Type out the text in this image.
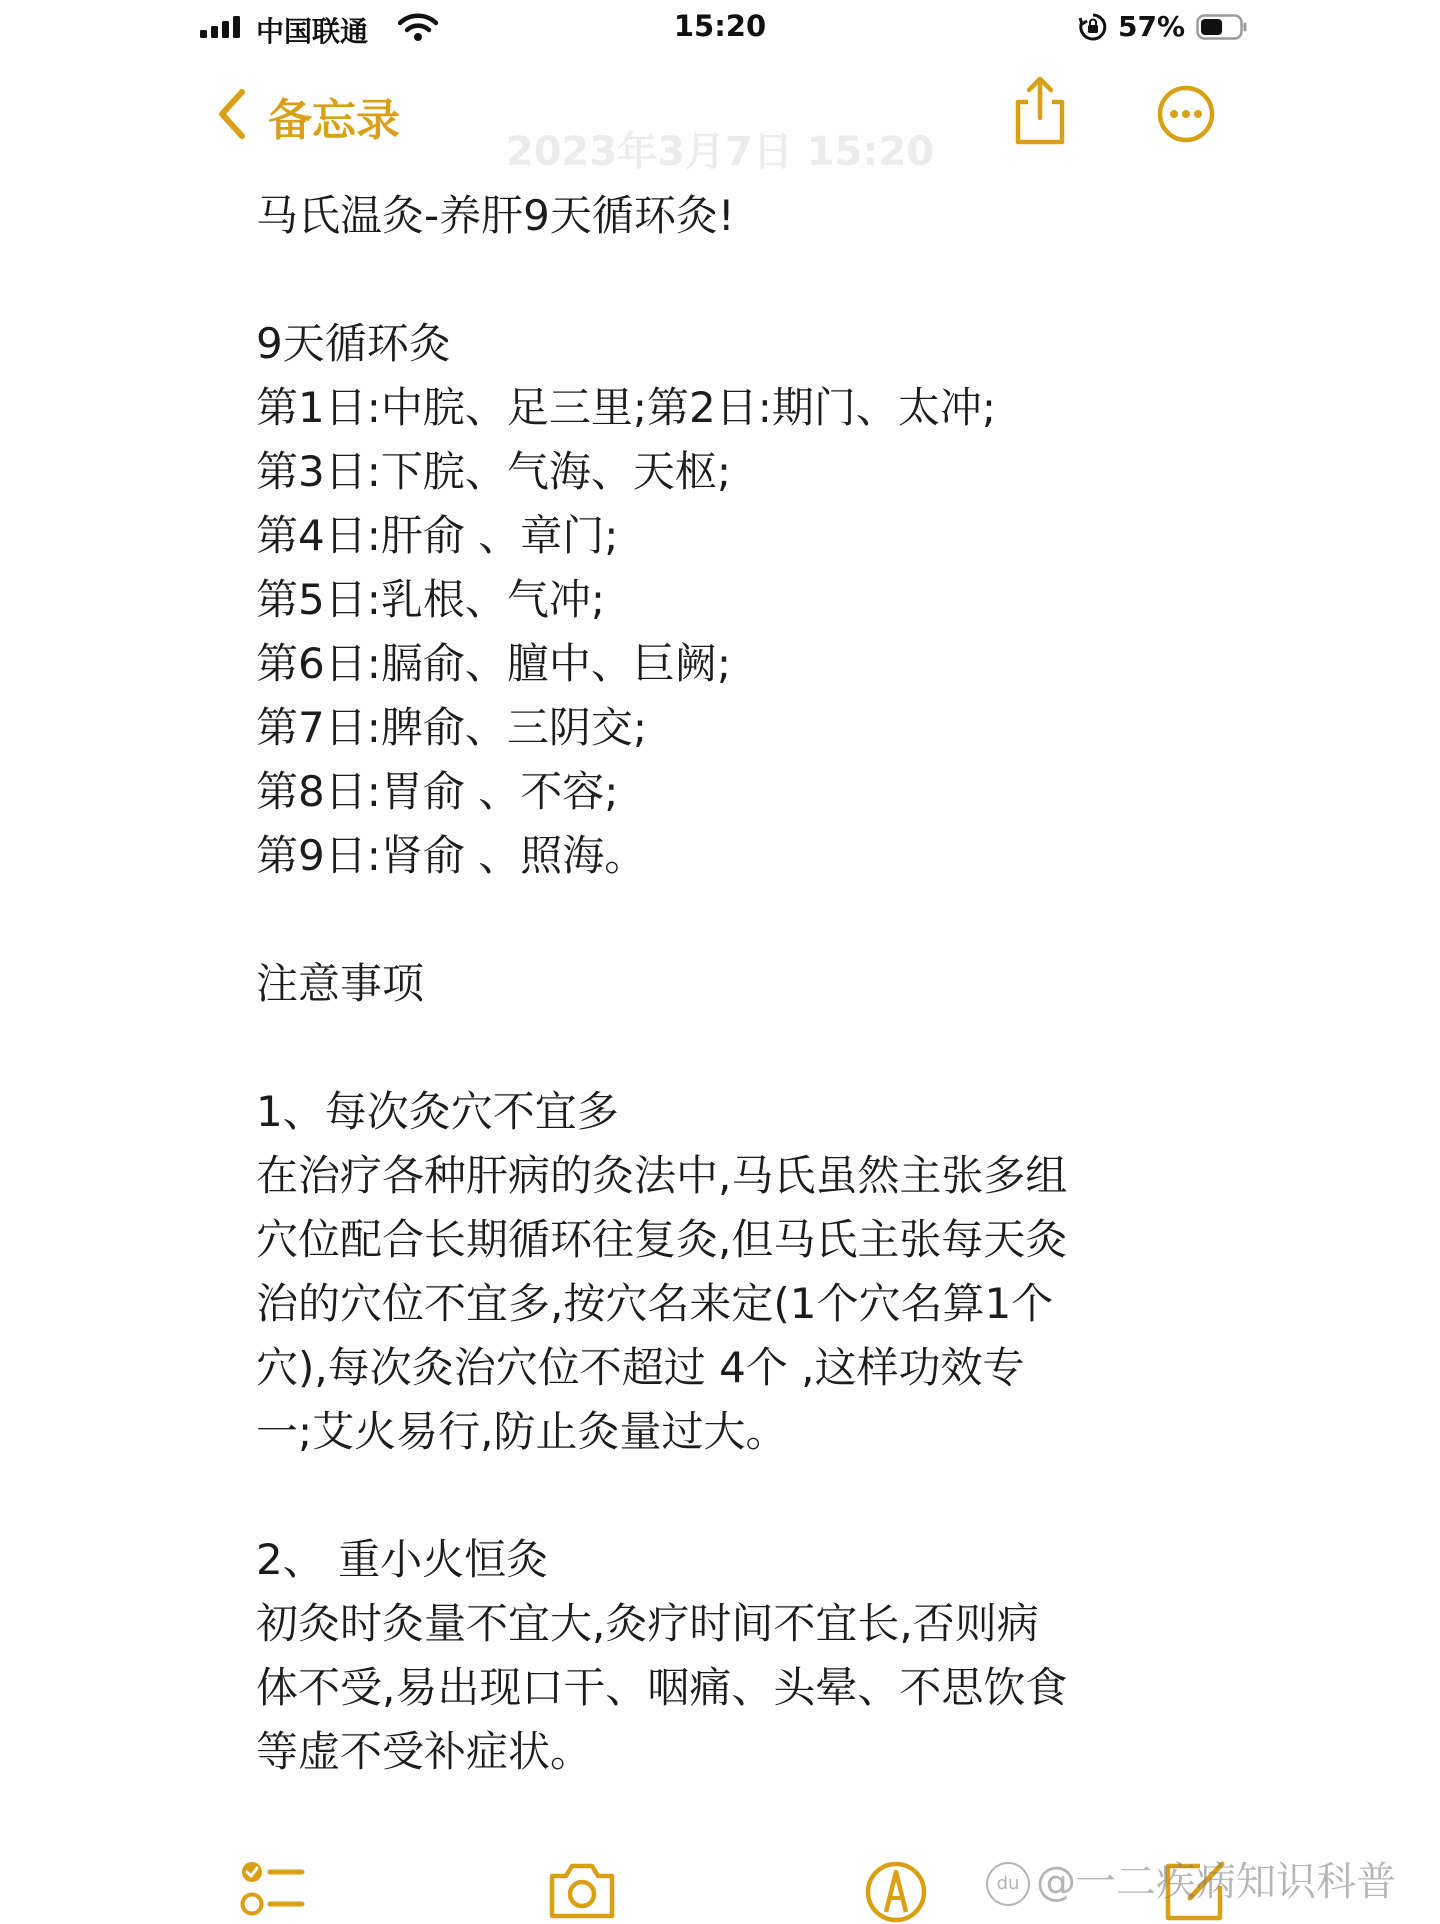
中国联通	15:20	57%
备忘录
2023年3月7日 15:20
马氏温灸-养肝9天循环灸!
9天循环灸
第1日:中脘、足三里;第2日:期门、太冲;
第3日:下脘、气海、天枢;
第4日:肝俞 、章门;
第5日:乳根、气冲;
第6日:膈俞、膻中、巨阙;
第7日:脾俞、三阴交;
第8日:胃俞 、不容;
第9日:肾俞 、照海。
注意事项
1、每次灸穴不宜多
在治疗各种肝病的灸法中,马氏虽然主张多组
穴位配合长期循环往复灸,但马氏主张每天灸
治的穴位不宜多,按穴名来定(1个穴名算1个
穴),每次灸治穴位不超过 4个 ,这样功效专
一;艾火易行,防止灸量过大。
2、 重小火恒灸
初灸时灸量不宜大,灸疗时间不宜长,否则病
体不受,易出现口干、咽痛、头晕、不思饮食
等虚不受补症状。
du @一二疾病知识科普
